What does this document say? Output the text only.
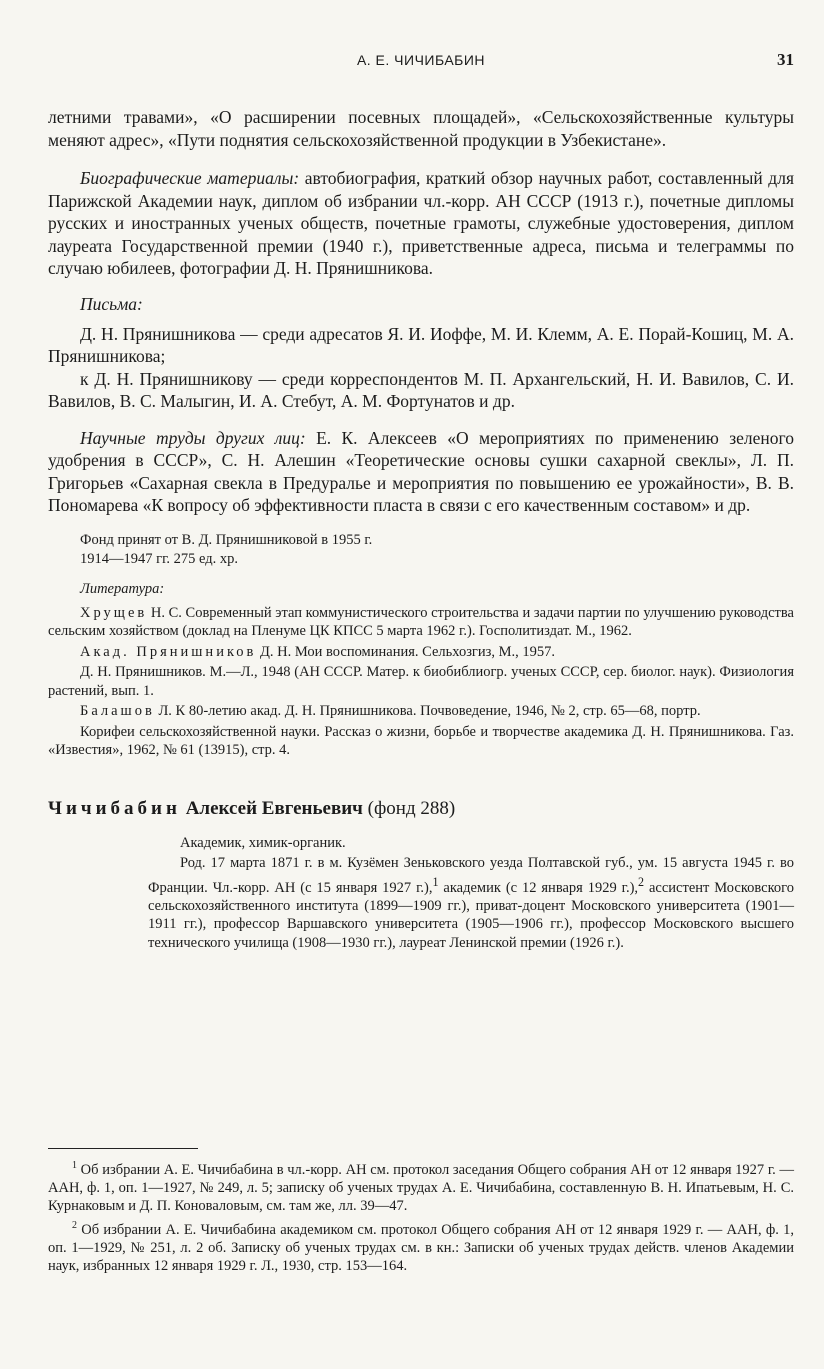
А. Е. ЧИЧИБАБИН	31

летними травами», «О расширении посевных площадей», «Сельскохозяйственные культуры меняют адрес», «Пути поднятия сельскохозяйственной продукции в Узбекистане».

Биографические материалы: автобиография, краткий обзор научных работ, составленный для Парижской Академии наук, диплом об избрании чл.-корр. АН СССР (1913 г.), почетные дипломы русских и иностранных ученых обществ, почетные грамоты, служебные удостоверения, диплом лауреата Государственной премии (1940 г.), приветственные адреса, письма и телеграммы по случаю юбилеев, фотографии Д. Н. Прянишникова.

Письма:

Д. Н. Прянишникова — среди адресатов Я. И. Иоффе, М. И. Клемм, А. Е. Порай-Кошиц, М. А. Прянишникова;

к Д. Н. Прянишникову — среди корреспондентов М. П. Архангельский, Н. И. Вавилов, С. И. Вавилов, В. С. Малыгин, И. А. Стебут, А. М. Фортунатов и др.

Научные труды других лиц: Е. К. Алексеев «О мероприятиях по применению зеленого удобрения в СССР», С. Н. Алешин «Теоретические основы сушки сахарной свеклы», Л. П. Григорьев «Сахарная свекла в Предуралье и мероприятия по повышению ее урожайности», В. В. Пономарева «К вопросу об эффективности пласта в связи с его качественным составом» и др.

Фонд принят от В. Д. Прянишниковой в 1955 г.
1914—1947 гг. 275 ед. хр.
Литература:
Хрущев Н. С. Современный этап коммунистического строительства и задачи партии по улучшению руководства сельским хозяйством (доклад на Пленуме ЦК КПСС 5 марта 1962 г.). Госполитиздат. М., 1962.
Акад. Прянишников Д. Н. Мои воспоминания. Сельхозгиз, М., 1957.
Д. Н. Прянишников. М.—Л., 1948 (АН СССР. Матер. к биобиблиогр. ученых СССР, сер. биолог. наук). Физиология растений, вып. 1.
Балашов Л. К 80-летию акад. Д. Н. Прянишникова. Почвоведение, 1946, № 2, стр. 65—68, портр.
Корифеи сельскохозяйственной науки. Рассказ о жизни, борьбе и творчестве академика Д. Н. Прянишникова. Газ. «Известия», 1962, № 61 (13915), стр. 4.
Чичибабин Алексей Евгеньевич (фонд 288)
Академик, химик-органик.

Род. 17 марта 1871 г. в м. Кузёмен Зеньковского уезда Полтавской губ., ум. 15 августа 1945 г. во Франции. Чл.-корр. АН (с 15 января 1927 г.),$^1$ академик (с 12 января 1929 г.),$^2$ ассистент Московского сельскохозяйственного института (1899—1909 гг.), приват-доцент Московского университета (1901—1911 гг.), профессор Варшавского университета (1905—1906 гг.), профессор Московского высшего технического училища (1908—1930 гг.), лауреат Ленинской премии (1926 г.).

$^1$ Об избрании А. Е. Чичибабина в чл.-корр. АН см. протокол заседания Общего собрания АН от 12 января 1927 г. — ААН, ф. 1, оп. 1—1927, № 249, л. 5; записку об ученых трудах А. Е. Чичибабина, составленную В. Н. Ипатьевым, Н. С. Курнаковым и Д. П. Коноваловым, см. там же, лл. 39—47.

$^2$ Об избрании А. Е. Чичибабина академиком см. протокол Общего собрания АН от 12 января 1929 г. — ААН, ф. 1, оп. 1—1929, № 251, л. 2 об. Записку об ученых трудах см. в кн.: Записки об ученых трудах действ. членов Академии наук, избранных 12 января 1929 г. Л., 1930, стр. 153—164.
